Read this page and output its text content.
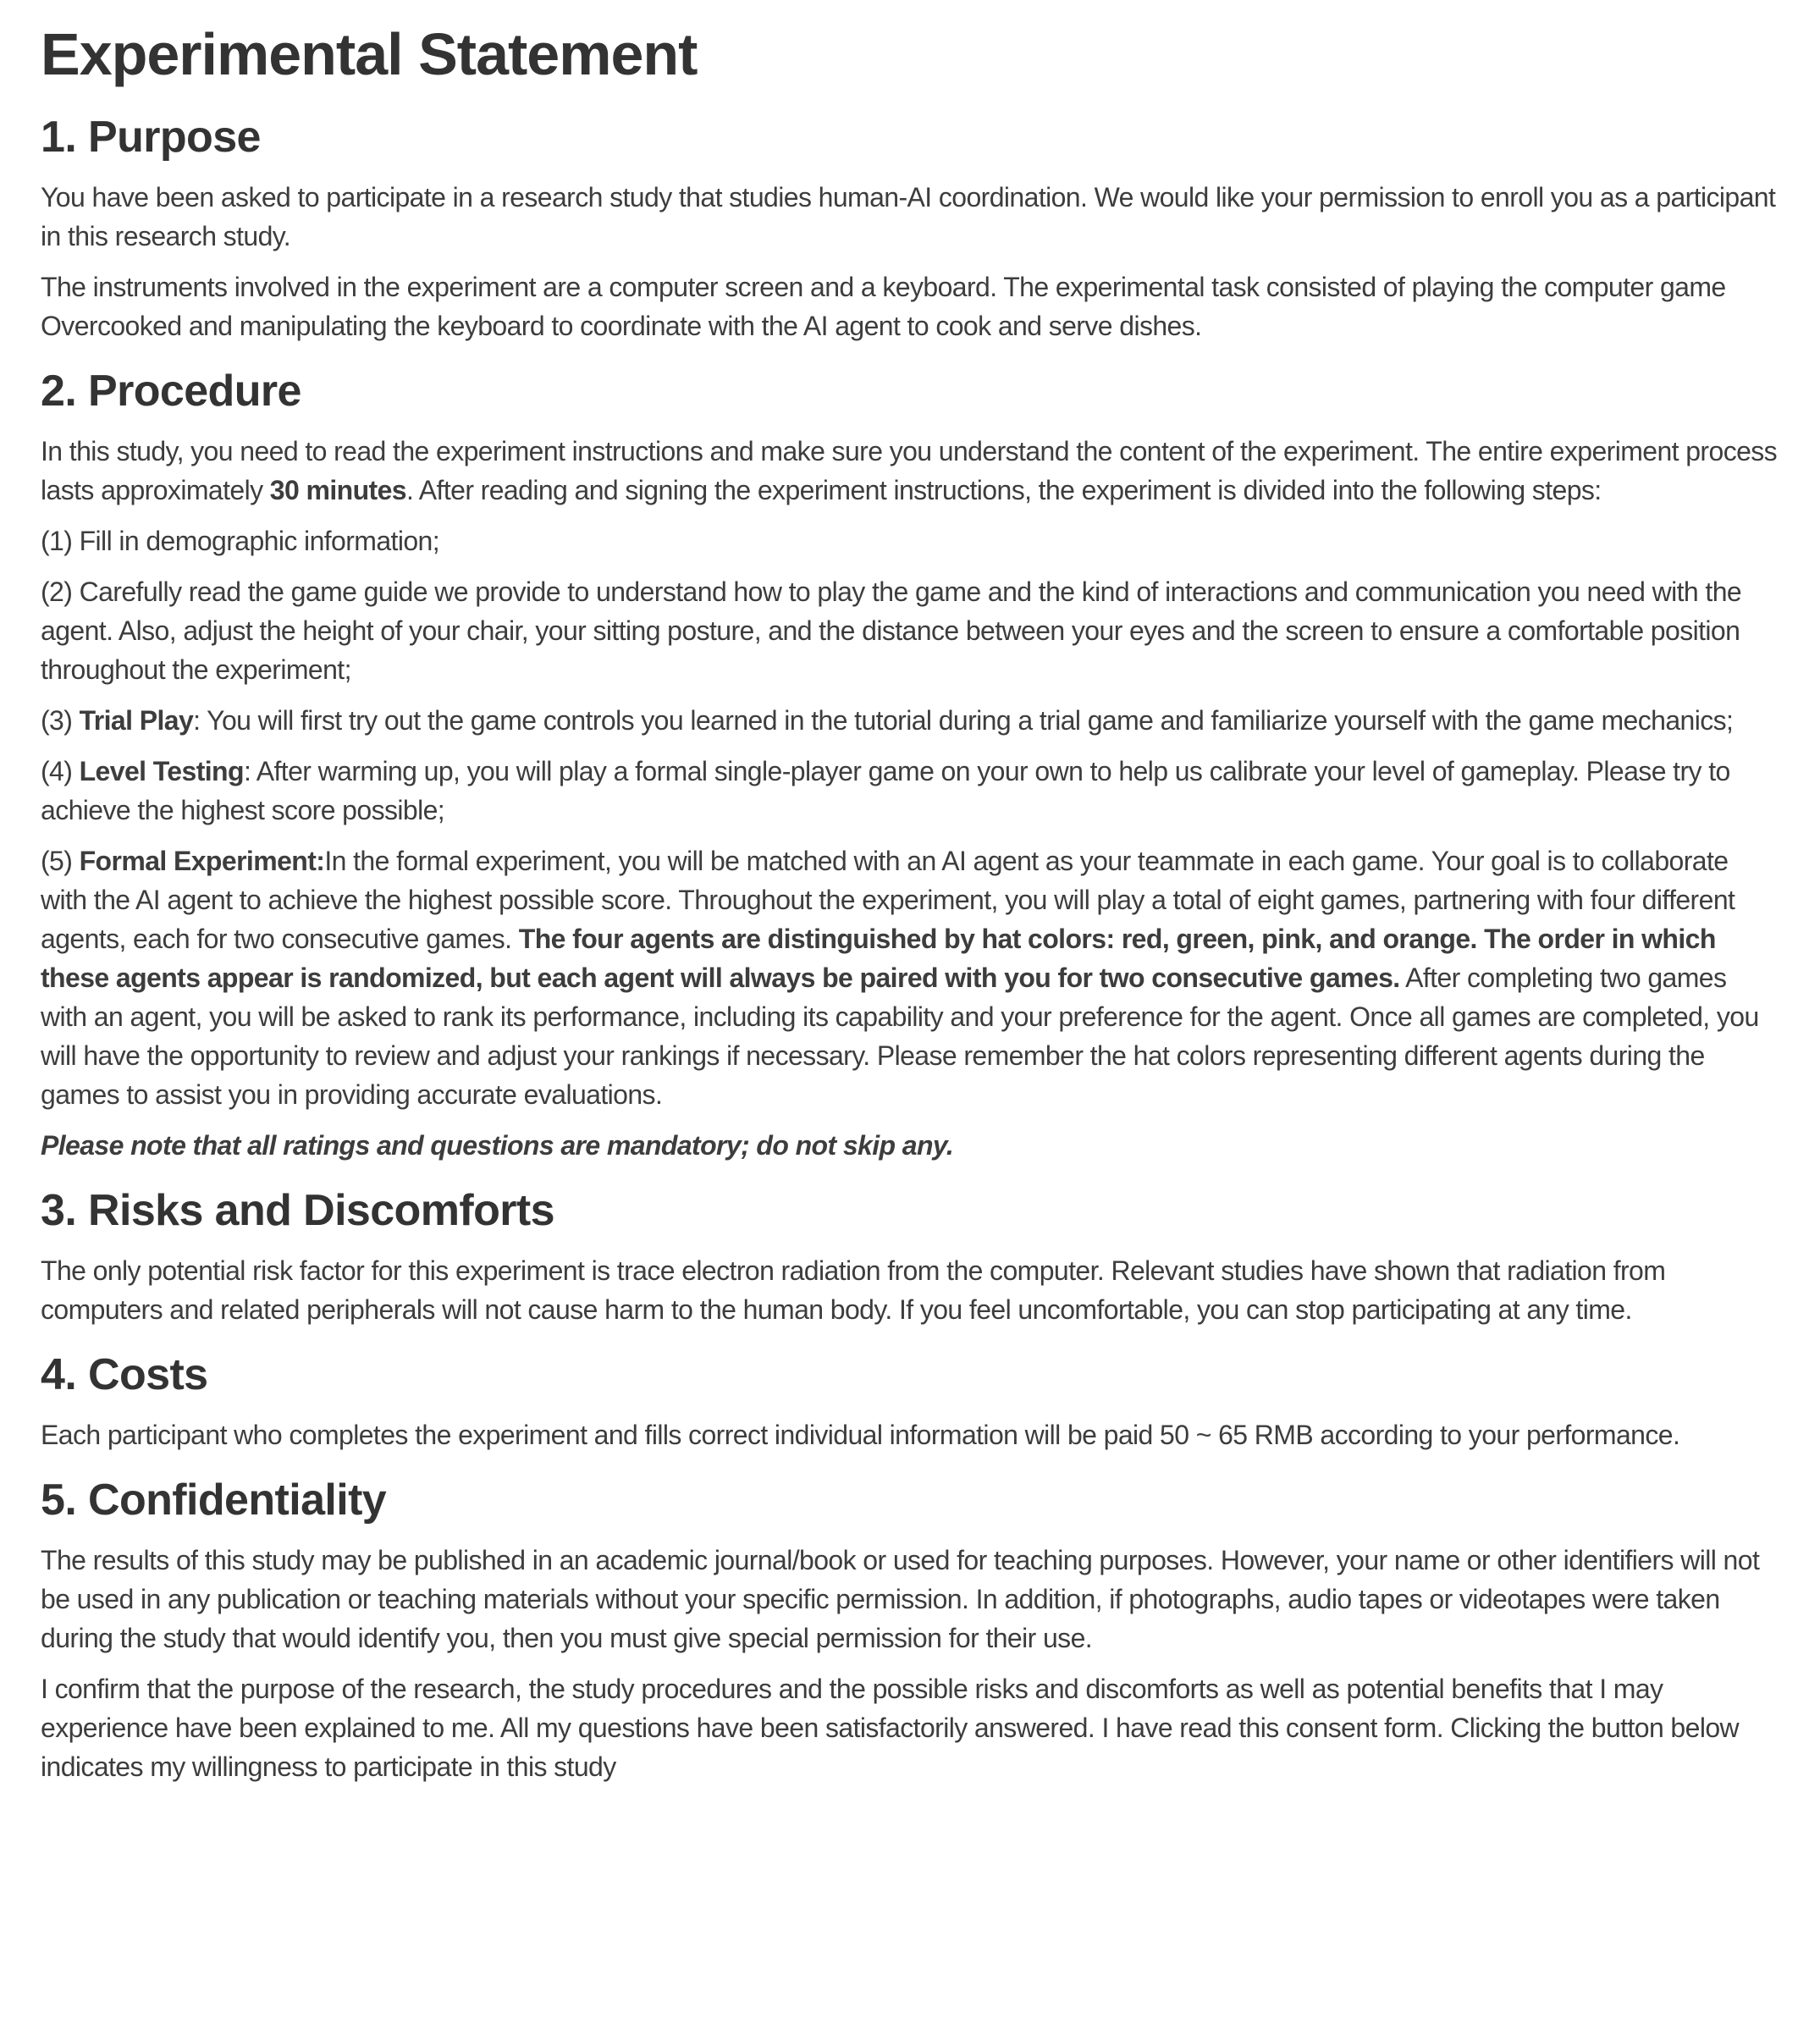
Experimental Statement
1. Purpose

You have been asked to participate in a research study that studies human-AI coordination. We would like your permission to enroll you as a participant in this research study.

The instruments involved in the experiment are a computer screen and a keyboard. The experimental task consisted of playing the computer game Overcooked and manipulating the keyboard to coordinate with the AI agent to cook and serve dishes.

2. Procedure

In this study, you need to read the experiment instructions and make sure you understand the content of the experiment. The entire experiment process lasts approximately 30 minutes. After reading and signing the experiment instructions, the experiment is divided into the following steps:

(1) Fill in demographic information;

(2) Carefully read the game guide we provide to understand how to play the game and the kind of interactions and communication you need with the agent. Also, adjust the height of your chair, your sitting posture, and the distance between your eyes and the screen to ensure a comfortable position throughout the experiment;

(3) Trial Play: You will first try out the game controls you learned in the tutorial during a trial game and familiarize yourself with the game mechanics;

(4) Level Testing: After warming up, you will play a formal single-player game on your own to help us calibrate your level of gameplay. Please try to achieve the highest score possible;

(5) Formal Experiment:In the formal experiment, you will be matched with an AI agent as your teammate in each game. Your goal is to collaborate with the AI agent to achieve the highest possible score. Throughout the experiment, you will play a total of eight games, partnering with four different agents, each for two consecutive games. The four agents are distinguished by hat colors: red, green, pink, and orange. The order in which these agents appear is randomized, but each agent will always be paired with you for two consecutive games. After completing two games with an agent, you will be asked to rank its performance, including its capability and your preference for the agent. Once all games are completed, you will have the opportunity to review and adjust your rankings if necessary. Please remember the hat colors representing different agents during the games to assist you in providing accurate evaluations.

Please note that all ratings and questions are mandatory; do not skip any.

3. Risks and Discomforts

The only potential risk factor for this experiment is trace electron radiation from the computer. Relevant studies have shown that radiation from computers and related peripherals will not cause harm to the human body. If you feel uncomfortable, you can stop participating at any time.

4. Costs

Each participant who completes the experiment and fills correct individual information will be paid 50 ~ 65 RMB according to your performance.

5. Confidentiality

The results of this study may be published in an academic journal/book or used for teaching purposes. However, your name or other identifiers will not be used in any publication or teaching materials without your specific permission. In addition, if photographs, audio tapes or videotapes were taken during the study that would identify you, then you must give special permission for their use.

I confirm that the purpose of the research, the study procedures and the possible risks and discomforts as well as potential benefits that I may experience have been explained to me. All my questions have been satisfactorily answered. I have read this consent form. Clicking the button below indicates my willingness to participate in this study
